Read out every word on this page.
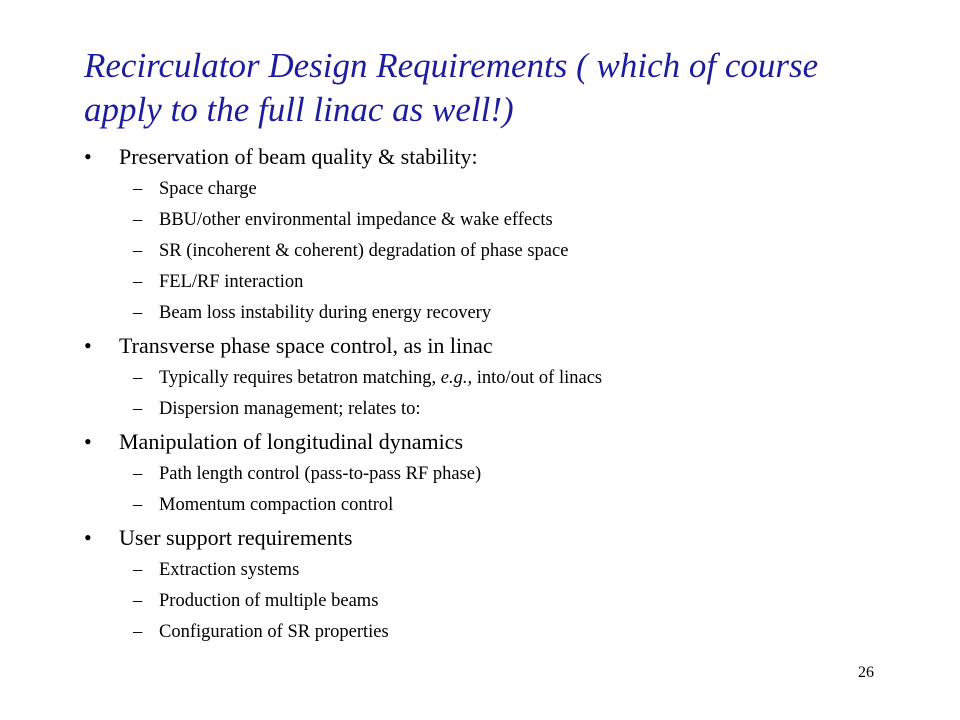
Recirculator Design Requirements ( which of course apply to the full linac as well!)
• Preservation of beam quality & stability:
– Space charge
– BBU/other environmental impedance & wake effects
– SR (incoherent & coherent) degradation of phase space
– FEL/RF interaction
– Beam loss instability during energy recovery
• Transverse phase space control, as in linac
– Typically requires betatron matching, e.g., into/out of linacs
– Dispersion management; relates to:
• Manipulation of longitudinal dynamics
– Path length control (pass-to-pass RF phase)
– Momentum compaction control
• User support requirements
– Extraction systems
– Production of multiple beams
– Configuration of SR properties
26
